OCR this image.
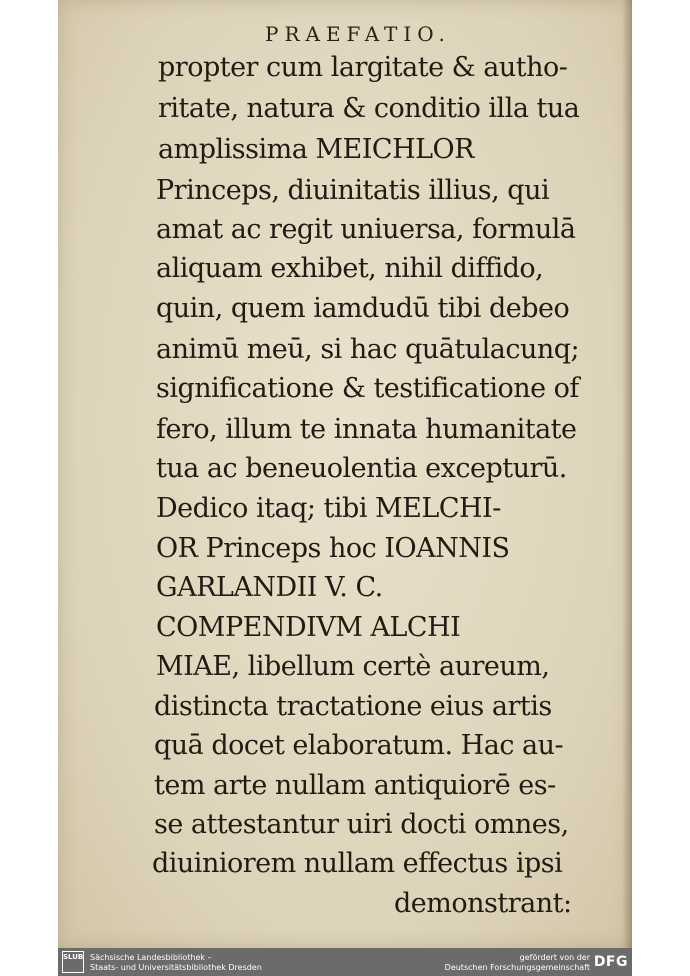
PRAEFATIO.
propter cum largitate & autho-
ritate, natura & conditio illa tua
amplissima MEICHLOR
Princeps, diuinitatis illius, qui
amat ac regit uniuersa, formulā
aliquam exhibet, nihil diffido,
quin, quem iamdudū tibi debeo
animū meū, si hac quātulacunq;
significatione & testificatione of
fero, illum te innata humanitate
tua ac beneuolentia excepturū.
Dedico itaq; tibi MELCHI-
OR Princeps hoc IOANNIS
GARLANDII V. C.
COMPENDIVM ALCHI
MIAE, libellum certè aureum,
distincta tractatione eius artis
quā docet elaboratum. Hac au-
tem arte nullam antiquiorē es-
se attestantur uiri docti omnes,
diuiniorem nullam effectus ipsi
demonstrant:
SLUB Sächsische Landesbibliothek –
Staats- und Universitätsbibliothek Dresden
gefördert von der
Deutschen Forschungsgemeinschaft DFG
